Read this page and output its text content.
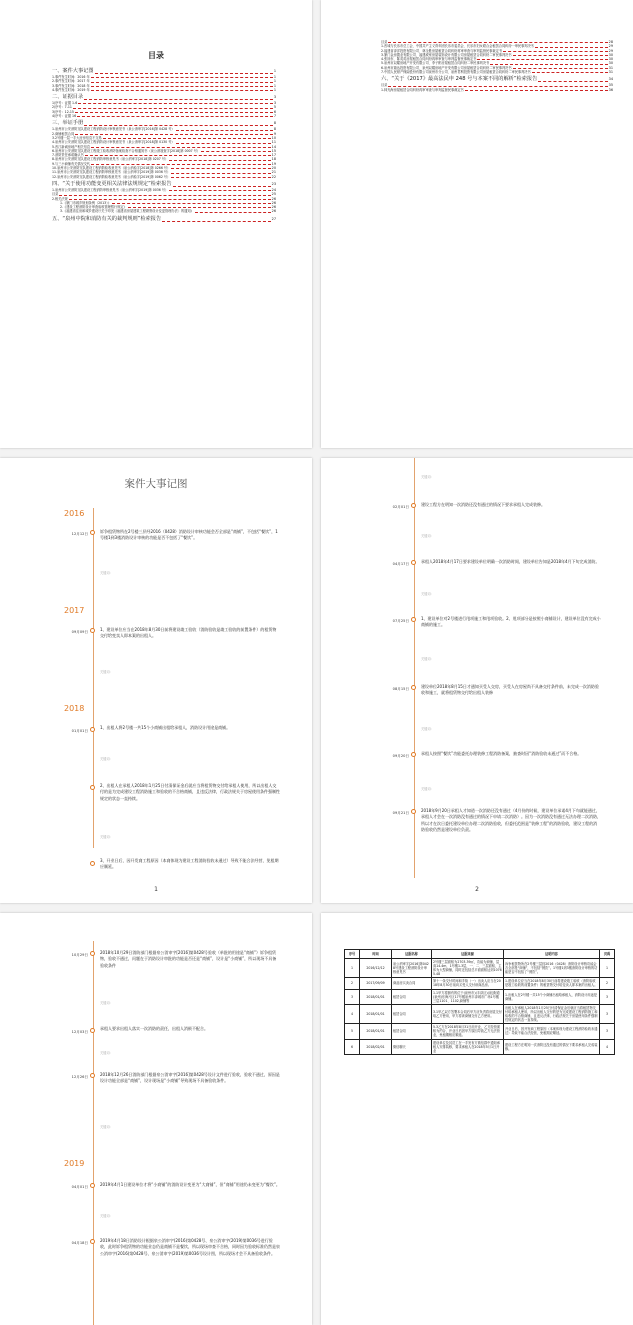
目录
一、案件大事记图	1
1.事件发生时间：2016 年	1
2.事件发生时间：2017 年	1
3.事件发生时间：2018 年	1
4.事件发生时间：2019 年	1
二、证据目录	3
1/序号：证据 1-6	3
2/序号：7-11	5
3/序号：12-15	6
4/序号：证据 16	7
三、举证手册	8
1.泉州市公安消防支队建设工程消防设计审核意见书（泉公消审字[2016]第 0428 号）	8
2.商铺租赁合同	9
3.2号楼一层一手大房房信息不交易	10
4.泉州市公安消防支队建设工程消防设计审核意见书（泉公消审字[2018]第 0130 号）	11
5.晋江新诚房地产相关信息	14
6.泉州市公安消防支队建设工程竣工验收消防备案检查不合格通知书（泉公消竣查字[2018]第 0007 号）	15
7.消防责任承诺确认书	17
8.泉州市公安消防支队建设工程消防审核意见书（泉公消审字[2018]第 0207 号）	18
9.与三小商铺有关情况交代	19
10.泉州市公安消防支队建设工程消防验收意见书（泉公消验字[2018]第 0266 号）	20
11.泉州市公安消防支队建设工程消防审核意见书（泉公消审字[2019]第 0036 号）	21
12.泉州市公安消防支队建设工程消防验收意见书（泉公消验字[2019]第 0062 号）	22
四、“关于使用功能变更相关法律法规规定”检索报告	23
1.泉州市公安消防支队建设工程消防审核意见书（泉公消审字[2019]第 0036 号）	24
目录	25
2.相关法规	26
1.《厦门市城乡规划条例（2013）》	26
2.《建设工程消防设计审查验收管理暂行规定》	26
3.《福建省住房和城乡建设厅关于印发〈福建省房屋建筑工程勘察设计变更管理办法〉的通知》	26
五、“泉州中院和消防有关的裁判规则”检索报告	27
目录	28
1.晋城与长乐市总工会、中国共产主义青年团长乐市委员会、长乐市妇女联合会租赁合同纠纷一审民事判决书	29
2.福建省泽洋投资有限公司、林全胜房屋租赁合同纠纷再审审查与审判监督民事裁定书	29
3.厦门金房置业有限公司、福建威家房屋装饰设计有限公司房屋租赁合同纠纷二审民事判决书	30
4.张扬东、陈英英房屋租赁合同纠纷再审审查与审判监督民事裁定书	30
5.泉州市双耀房地产开发有限公司、李子彬房屋租赁合同纠纷二审民事判决书	30
6.泉州市瑞达投资有限公司、泉州双耀房地产开发有限公司房屋租赁合同纠纷二审民事判决书	31
7.中国人民财产保险股份有限公司泉州市分公司、泉州君利投资有限公司房屋租赁合同纠纷二审民事判决书	31
六、“关于《2017》最高法民申 248 号与本案不同的解析”检索报告	34
目录	35
1.林光海房屋租赁合同纠纷再审审查与审判监督民事裁定书	36
案件大事记图
2016
2017
2018
12月12日	诉争租赁物所在2号楼三层经2016（0428）消防设计审核功能会否全部是“商铺”，不包括“餐饮”，1号楼1到3楼消防设计审核的功能是否不包括了“餐饮”。
关键词:
09月09日	1、建设单位应当在2018年8月30日前将建设竣工验收（消防验收是竣工验收的前置条件）的租赁物交付给变卖人即本案的出租人。
关键词:
01月01日
1、出租人将2号楼一共15个小商铺出租给承租人，消防设计用途是商铺。
关键词:
2、出租人在承租人2018年1月25日付清保证金后就应当将租赁物交付给承租人使用，所以出租人交付的是为完成建设工程消防施工和验收的不合格商铺，且违反法律，行政法规关于房屋使用条件强制性规定的状态一直持续。
关键词:
3、开业日后，因开发商工程原因（本商体现为建设工程消防验收未通过）导致不能合法经营，免租期应顺延。
1
关键词:
02月01日	建设工程方在明知一次消防还没有通过的情况下要求承租人完成装修。
关键词:
04月17日	承租人2018年4月17日要求建设单位明确一次消防时间，建设单位告知是2018年4月下旬完成消防。
关键词:
07月25日	1、建设单位对2号楼进行甩项施工和甩项验收。2、甩项部分是按照小商铺设计，建设单位没有完成小商铺的施工。
关键词:
08月15日	建设单位2018年8月15日才通知买受人交房，买受人在房屋尚不具备交付条件前，未完成一次消防验收和施工，就将租赁物交付给出租人装修
关键词:
09月20日	承租人按照“餐饮”功能委托办理装修工程消防备案，抽查时因“消防验收未通过”而不合格。
关键词:
09月21日	2018年9月20日承租人才知道一次消防还没有通过（4月份的时候，建设单位承诺4月下旬就能通过，承租人才会在一次消防没有通过的情况下申请二次消防）。因为一次消防没有通过无法办理二次消防，所以才在次日委托建设单位办理二次消防验收，但委托范围是“装修工程”的消防验收，建设工程的消防验收仍然是建设单位负责。
2
10月29日	2018年10月29日消防部门根据泉公消审字[2016]第0428号验收（单批的用途是“商铺”）诉争租赁物，验收不通过，问题在于消防设计审批的功能是否还是“商铺”，设计是“小商铺”，所以现场不具备验收条件
关键词:
12月03日
承租人要求出租人落实一次消防的责任，出租人消极不配合。
关键词:
12月26日	2018年12月26日消防部门根据泉公消审字[2016]第0428号设计文件进行验收，验收不通过，原因是设计功能全部是“商铺”，设计现场是“小商铺”导致现场不具备验收条件。
关键词:
2019
04月01日	2019年4月1日建设单位才将“小商铺”的消防设计变更为“大商铺”，但“商铺”用途仍未变更为“餐饮”。
关键词:
04月18日	2019年4月18日消防设计根据泉公消审字(2016)第0428号、泉公消审字(2019)第0036号进行验收，此时诉争租赁物的功能业态仍是商铺不是餐饮，所以现场审查不合格，同时因为验收标准仍然是泉公消审字(2016)第0428号、泉公消审字(2019)第0036号设计图，所以现场才会不具备验收条件。
序号	时间	证据名称	证据来源	证明内容	页码
1	2016/12/12	泉公消审字[2016]第0428号建设工程消防设计审核意见书	2号楼三层面积为2703.39㎡，功能为商铺，层高14.4m，1号楼1-3层，一、二、三层面积，主体为大型商铺，同时还包括总平面面积达到10765.48	诉争租赁物所在2号楼三层经2016（0428）消防设计审核功能会否全部是“商铺”，不包括“餐饮”。1号楼1到3楼消防设计审核的功能是否不包括了“餐饮”。	1
2	2017/09/09	商品房买卖合同	第十一条交付时间和手续（一）出卖人应当在2018年8月30日前向买受人交付该商品房。	1.建设单位应当在2018年8月30日前将建设竣工验收（消防验收是竣工验收的前置条件）的租赁物交付给变卖人即本案的出租人。	2
3	2018/01/01	租赁合同	1.1甲方将拥有的位于(泉州市)(丰泽区)(泉]街道(泉州)东海片区17号楼泉州丰泽城市广场1号楼三层1101、1102,商铺等	1.出租人在2号楼一共15个小商铺出租给承租人，消防设计用途是商铺。	3
4	2018/01/01	租赁合同	3.1甲乙双方签署本合同后甲方应负责将房屋交付给乙方使用，甲方将该商铺交付乙方使用。	出租人在承租人2018年1月25日付清保证金后就应当将租赁物交付给承租人使用，所以出租人交付的是为完成建设工程消防施工和验收的不合格商铺，且违反法律，行政法规关于房屋使用条件强制性规定的状态一直持续。	3
5	2018/01/01	租赁合同	5.3乙方在2018年8月31日前开业，乙方经营面积为约合，开业日后因甲方原因导致乙方无法营业，免租期相应顺延。	开业日后，因开发商工程原因（本案体现为建设工程消防验收未通过）导致不能合法经营，免租期应顺延。	3
6	2018/02/01	微信聊天	建设单位及其员工在一手发布方微信群中通知承租人安排装修，要求承租人在2018年5月1日开业	建设工程方在明知一次消防还没有通过的情况下要求承租人完成装修。	4
